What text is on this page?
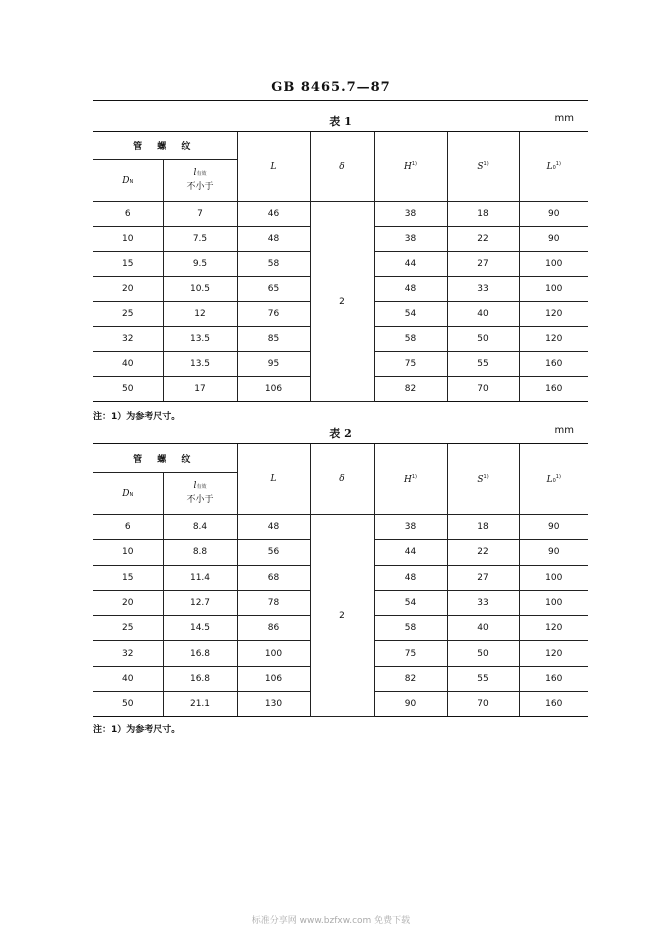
GB 8465.7—87
表 1	mm
管 螺 纹		L	δ	$H^{1)}$	$S^{1)}$	L0$^{1)}$
DN	l有效
不小于					

6	7	46	2	38	18	90
10	7.5	48		38	22	90
15	9.5	58		44	27	100
20	10.5	65		48	33	100
25	12	76		54	40	120
32	13.5	85		58	50	120
40	13.5	95		75	55	160
50	17	106		82	70	160
注：1）为参考尺寸。
表 2	mm
管 螺 纹		L	δ	$H^{1)}$	$S^{1)}$	L0$^{1)}$
DN	l有效
不小于					

6	8.4	48	2	38	18	90
10	8.8	56		44	22	90
15	11.4	68		48	27	100
20	12.7	78		54	33	100
25	14.5	86		58	40	120
32	16.8	100		75	50	120
40	16.8	106		82	55	160
50	21.1	130		90	70	160
注：1）为参考尺寸。
标准分享网 www.bzfxw.com 免费下载
